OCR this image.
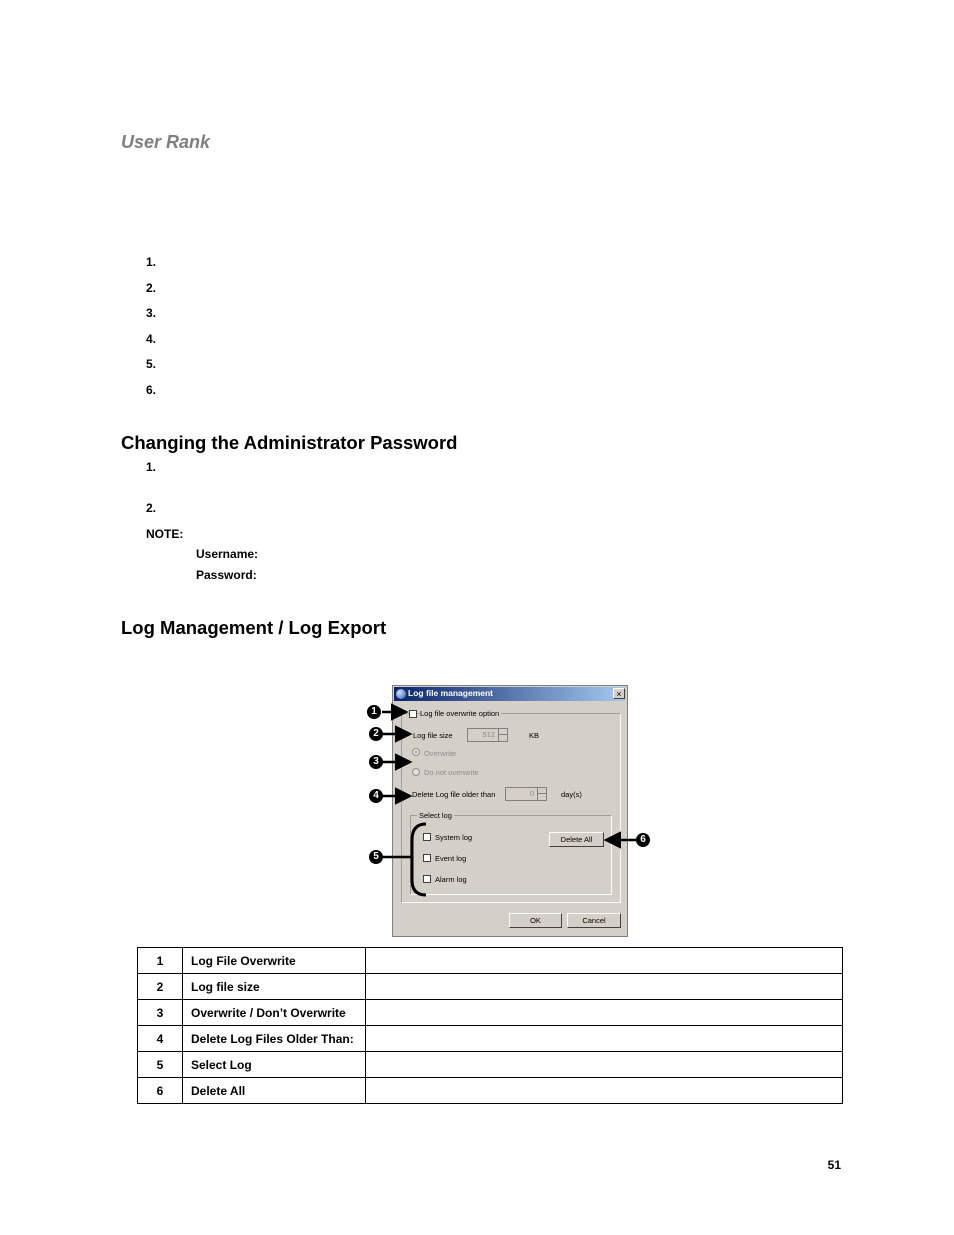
User Rank
1.
2.
3.
4.
5.
6.
Changing the Administrator Password
1.
2.
NOTE:
Username:
Password:
Log Management / Log Export
Log file management	×
Log file overwrite option
Log file size	512	KB
Overwrite
Do not overwrite
Delete Log file older than	0	day(s)
Select log
System log
Event log
Alarm log
Delete All
OK	Cancel
1
2
3
4
5
6
1	Log File Overwrite	
2	Log file size	
3	Overwrite / Don’t Overwrite	
4	Delete Log Files Older Than:	
5	Select Log	
6	Delete All	
51
